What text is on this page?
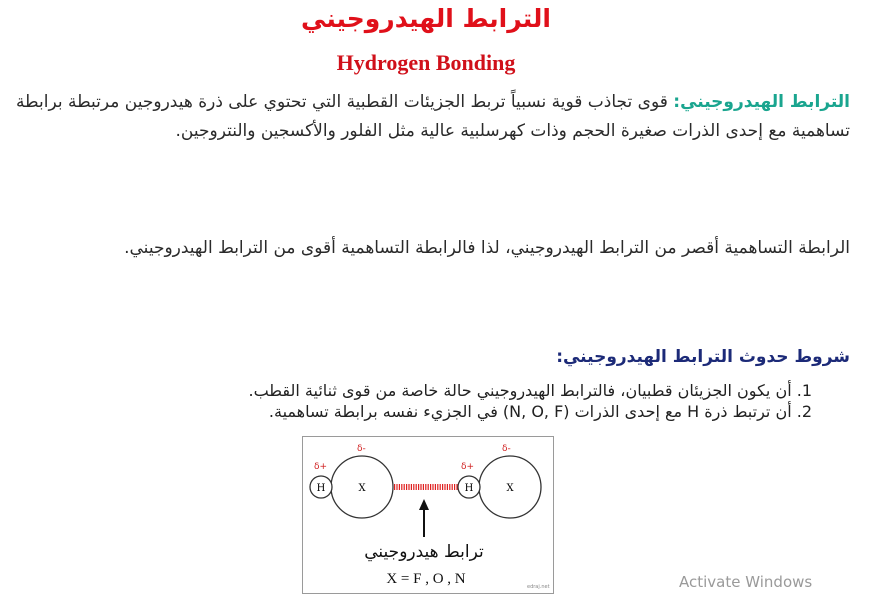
الترابط الهيدروجيني
Hydrogen Bonding
الترابط الهيدروجيني: قوى تجاذب قوية نسبياً تربط الجزيئات القطبية التي تحتوي على ذرة هيدروجين مرتبطة برابطة تساهمية مع إحدى الذرات صغيرة الحجم وذات كهرسلبية عالية مثل الفلور والأكسجين والنتروجين.
الرابطة التساهمية أقصر من الترابط الهيدروجيني، لذا فالرابطة التساهمية أقوى من الترابط الهيدروجيني.
شروط حدوث الترابط الهيدروجيني:
1. أن يكون الجزيئان قطبيان، فالترابط الهيدروجيني حالة خاصة من قوى ثنائية القطب.
2. أن ترتبط ذرة H مع إحدى الذرات (N, O, F) في الجزيء نفسه برابطة تساهمية.
δ-
δ+
H	X
δ-
δ+
H	X
ترابط هيدروجيني
X = F , O , N	edraj.net	Activate Windows
